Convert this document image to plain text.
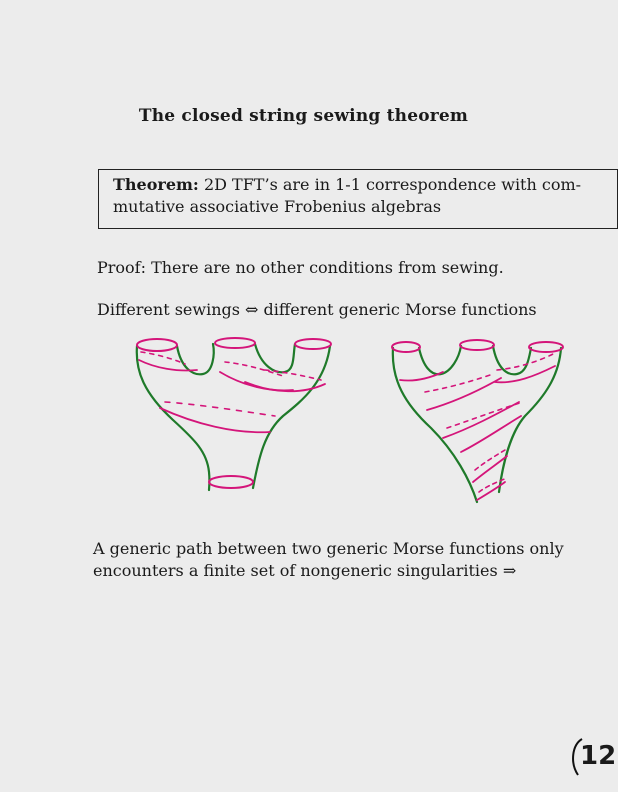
The closed string sewing theorem
Theorem: 2D TFT’s are in 1-1 correspondence with com-
mutative associative Frobenius algebras
Proof: There are no other conditions from sewing.
Different sewings ⇔ different generic Morse functions
A generic path between two generic Morse functions only
encounters a finite set of nongeneric singularities ⇒
12
